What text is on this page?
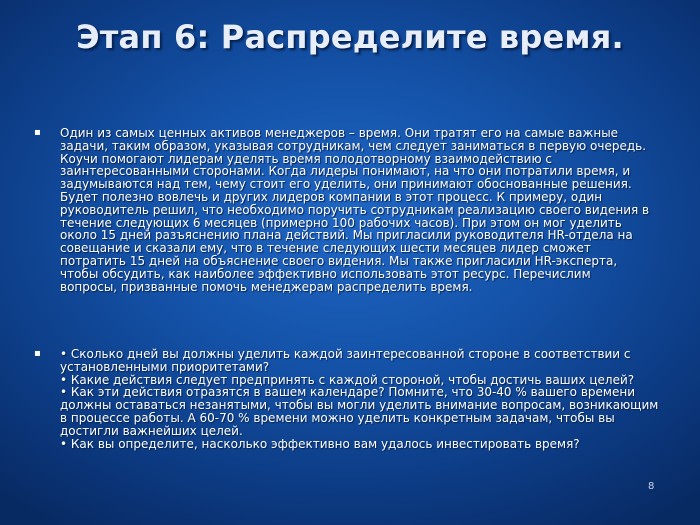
Этап 6: Распределите время.
▪ Один из самых ценных активов менеджеров – время. Они тратят его на самые важные
задачи, таким образом, указывая сотрудникам, чем следует заниматься в первую очередь.
Коучи помогают лидерам уделять время полодотворному взаимодействию с
заинтересованными сторонами. Когда лидеры понимают, на что они потратили время, и
задумываются над тем, чему стоит его уделить, они принимают обоснованные решения.
Будет полезно вовлечь и других лидеров компании в этот процесс. К примеру, один
руководитель решил, что необходимо поручить сотрудникам реализацию своего видения в
течение следующих 6 месяцев (примерно 100 рабочих часов). При этом он мог уделить
около 15 дней разъяснению плана действий. Мы пригласили руководителя HR-отдела на
совещание и сказали ему, что в течение следующих шести месяцев лидер сможет
потратить 15 дней на объяснение своего видения. Мы также пригласили HR-эксперта,
чтобы обсудить, как наиболее эффективно использовать этот ресурс. Перечислим
вопросы, призванные помочь менеджерам распределить время.
▪ • Сколько дней вы должны уделить каждой заинтересованной стороне в соответствии с
установленными приоритетами?
• Какие действия следует предпринять с каждой стороной, чтобы достичь ваших целей?
• Как эти действия отразятся в вашем календаре? Помните, что 30-40 % вашего времени
должны оставаться незанятыми, чтобы вы могли уделить внимание вопросам, возникающим
в процессе работы. А 60-70 % времени можно уделить конкретным задачам, чтобы вы
достигли важнейших целей.
• Как вы определите, насколько эффективно вам удалось инвестировать время?
8
